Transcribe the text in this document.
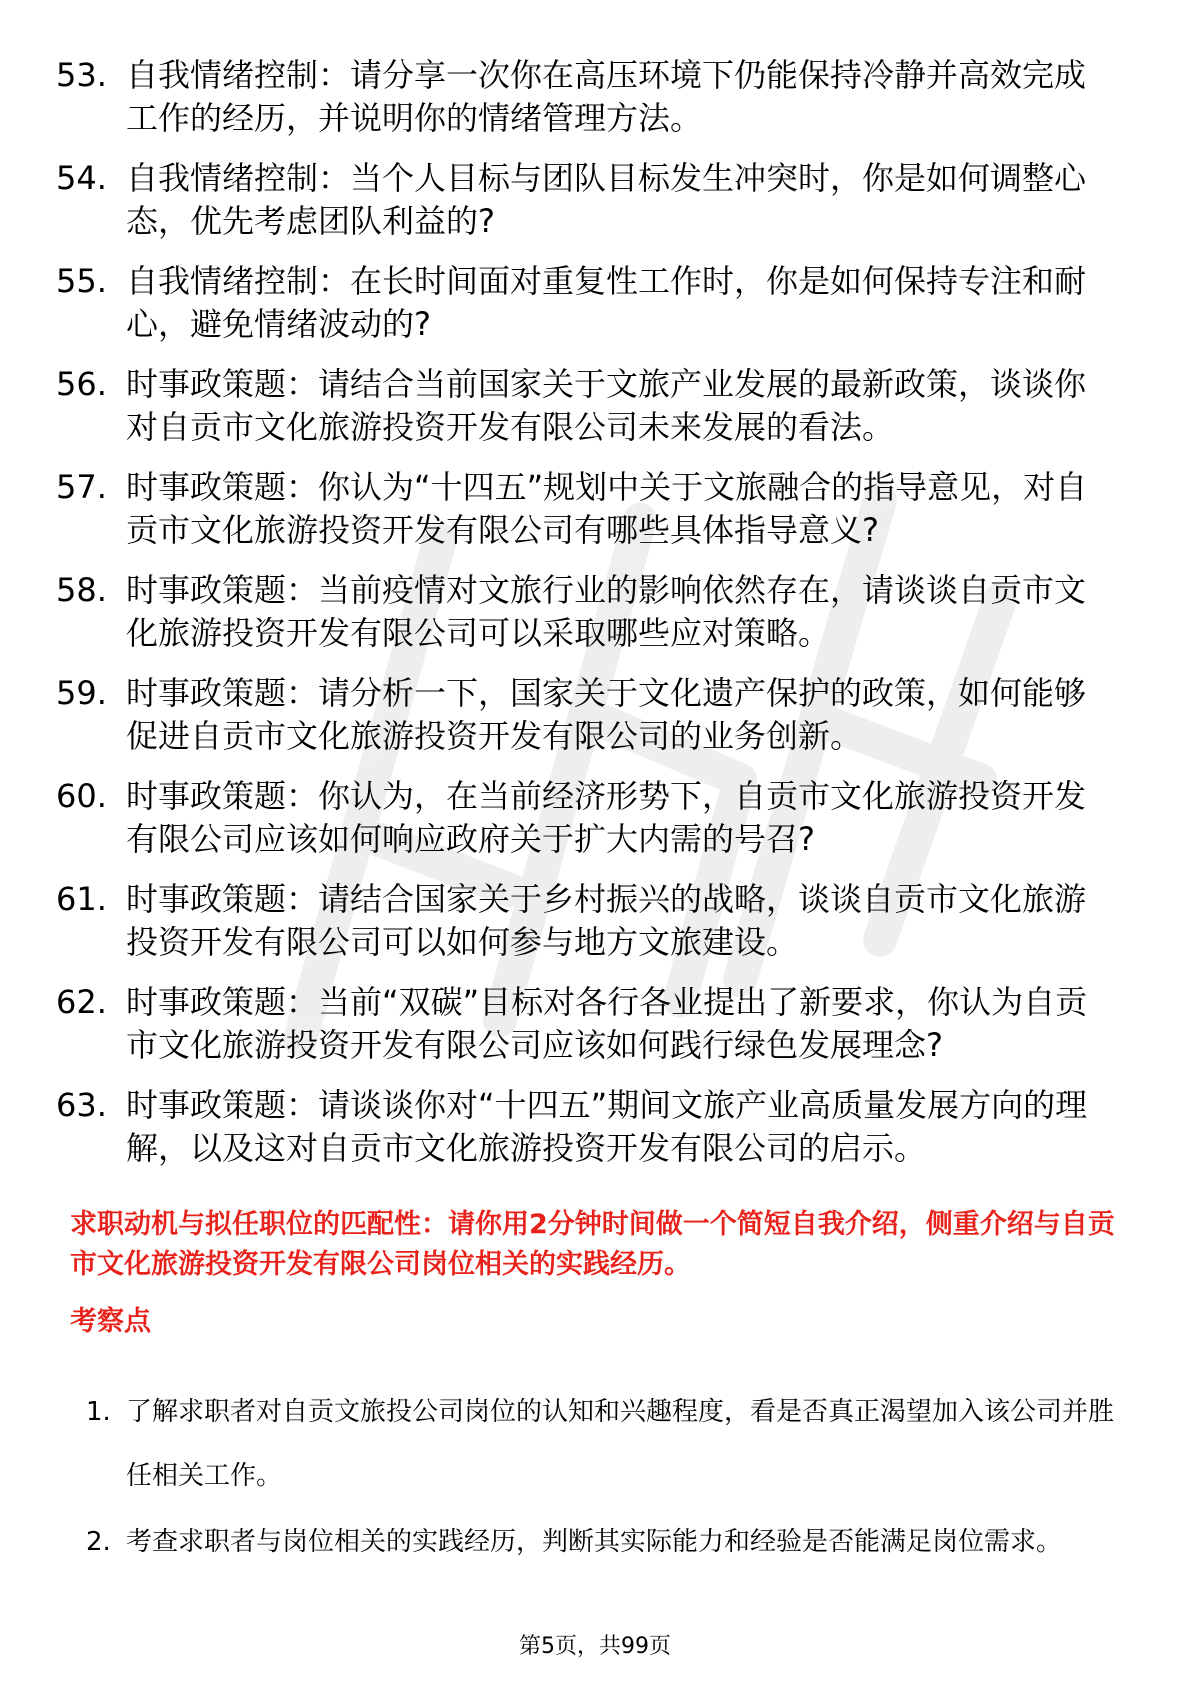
53. 自我情绪控制：请分享一次你在高压环境下仍能保持冷静并高效完成工作的经历，并说明你的情绪管理方法。
54. 自我情绪控制：当个人目标与团队目标发生冲突时，你是如何调整心态，优先考虑团队利益的?
55. 自我情绪控制：在长时间面对重复性工作时，你是如何保持专注和耐心，避免情绪波动的?
56. 时事政策题：请结合当前国家关于文旅产业发展的最新政策，谈谈你对自贡市文化旅游投资开发有限公司未来发展的看法。
57. 时事政策题：你认为“十四五”规划中关于文旅融合的指导意见，对自贡市文化旅游投资开发有限公司有哪些具体指导意义?
58. 时事政策题：当前疫情对文旅行业的影响依然存在，请谈谈自贡市文化旅游投资开发有限公司可以采取哪些应对策略。
59. 时事政策题：请分析一下，国家关于文化遗产保护的政策，如何能够促进自贡市文化旅游投资开发有限公司的业务创新。
60. 时事政策题：你认为，在当前经济形势下，自贡市文化旅游投资开发有限公司应该如何响应政府关于扩大内需的号召?
61. 时事政策题：请结合国家关于乡村振兴的战略，谈谈自贡市文化旅游投资开发有限公司可以如何参与地方文旅建设。
62. 时事政策题：当前“双碳”目标对各行各业提出了新要求，你认为自贡市文化旅游投资开发有限公司应该如何践行绿色发展理念?
63. 时事政策题：请谈谈你对“十四五”期间文旅产业高质量发展方向的理解，以及这对自贡市文化旅游投资开发有限公司的启示。
求职动机与拟任职位的匹配性：请你用2分钟时间做一个简短自我介绍，侧重介绍与自贡市文化旅游投资开发有限公司岗位相关的实践经历。
考察点
1. 了解求职者对自贡文旅投公司岗位的认知和兴趣程度，看是否真正渴望加入该公司并胜任相关工作。
2. 考查求职者与岗位相关的实践经历，判断其实际能力和经验是否能满足岗位需求。
第5页，共99页
